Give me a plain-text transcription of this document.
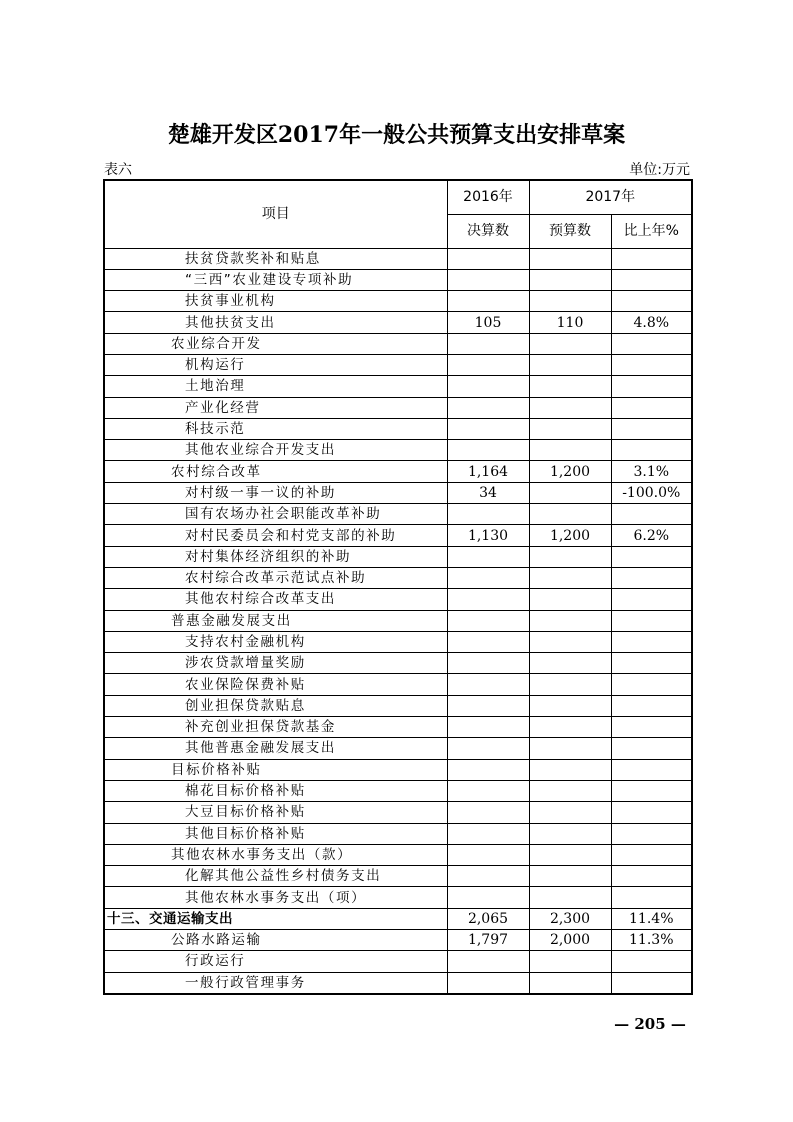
楚雄开发区2017年一般公共预算支出安排草案
表六	单位:万元
项目	2016年	2017年	
	决算数	预算数	比上年%
扶贫贷款奖补和贴息			
“三西”农业建设专项补助			
扶贫事业机构			
其他扶贫支出	105	110	4.8%
农业综合开发			
机构运行			
土地治理			
产业化经营			
科技示范			
其他农业综合开发支出			
农村综合改革	1,164	1,200	3.1%
对村级一事一议的补助	34		-100.0%
国有农场办社会职能改革补助			
对村民委员会和村党支部的补助	1,130	1,200	6.2%
对村集体经济组织的补助			
农村综合改革示范试点补助			
其他农村综合改革支出			
普惠金融发展支出			
支持农村金融机构			
涉农贷款增量奖励			
农业保险保费补贴			
创业担保贷款贴息			
补充创业担保贷款基金			
其他普惠金融发展支出			
目标价格补贴			
棉花目标价格补贴			
大豆目标价格补贴			
其他目标价格补贴			
其他农林水事务支出（款）			
化解其他公益性乡村债务支出			
其他农林水事务支出（项）			
十三、交通运输支出	2,065	2,300	11.4%
公路水路运输	1,797	2,000	11.3%
行政运行			
一般行政管理事务			
— 205 —
